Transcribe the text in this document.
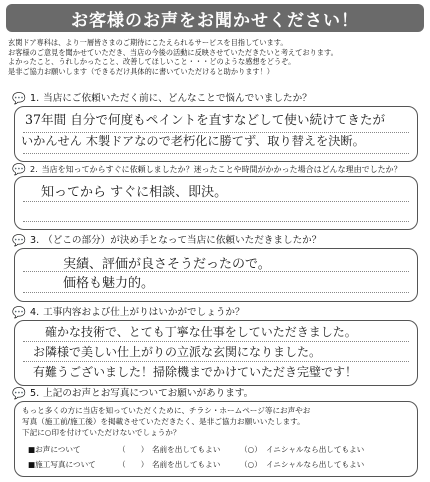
お客様のお声をお聞かせください！
玄関ドア専科は、より一層皆さまのご期待にこたえられるサービスを目指しています。
お客様のご意見を聞かせていただき、当店の今後の活動に反映させていただきたいと考えております。
よかったこと、うれしかったこと、改善してほしいこと・・・どのような感想をどうぞ。
是非ご協力お願いします（できるだけ具体的に書いていただけると助かります！）
💬 1. 当店にご依頼いただく前に、どんなことで悩んでいましたか？
37年間 自分で何度もペイントを直すなどして使い続けてきたが
いかんせん 木製ドアなので老朽化に勝てず、取り替えを決断。
💬 2. 当店を知ってからすぐに依頼しましたか？迷ったことや時間がかかった場合はどんな理由でしたか？
知ってから すぐに相談、即決。
💬 3. （どこの部分）が決め手となって当店に依頼いただきましたか？
実績、評価が良さそうだったので。
価格も魅力的。
💬 4. 工事内容および仕上がりはいかがでしょうか？
確かな技術で、とても丁寧な仕事をしていただきました。
お隣様で美しい仕上がりの立派な玄関になりました。
有難うございました！掃除機までかけていただき完璧です！
💬 5. 上記のお声とお写真についてお願いがあります。
もっと多くの方に当店を知っていただくために、チラシ・ホームページ等にお声やお
写真（施工前/施工後）を掲載させていただきたく、是非ご協力お願いいたします。
下記に○印を付けていただけないでしょうか？
■お声について	（　　） 名前を出してもよい	（○） イニシャルなら出してもよい
■施工写真について	（　　） 名前を出してもよい	（○） イニシャルなら出してもよい
